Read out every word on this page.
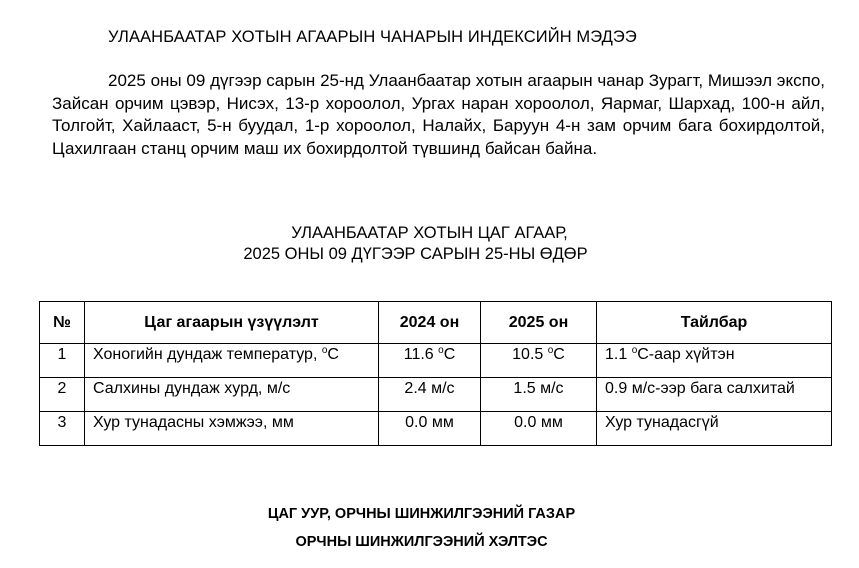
УЛААНБААТАР ХОТЫН АГААРЫН ЧАНАРЫН ИНДЕКСИЙН МЭДЭЭ

2025 оны 09 дүгээр сарын 25-нд Улаанбаатар хотын агаарын чанар Зурагт, Мишээл экспо, Зайсан орчим цэвэр, Нисэх, 13-р хороолол, Ургах наран хороолол, Яармаг, Шархад, 100-н айл, Толгойт, Хайлааст, 5-н буудал, 1-р хороолол, Налайх, Баруун 4-н зам орчим бага бохирдолтой, Цахилгаан станц орчим маш их бохирдолтой түвшинд байсан байна.

УЛААНБААТАР ХОТЫН ЦАГ АГААР,
2025 ОНЫ 09 ДҮГЭЭР САРЫН 25-НЫ ӨДӨР
№	Цаг агаарын үзүүлэлт	2024 он	2025 он	Тайлбар
1	Хоногийн дундаж температур, $^о$С	11.6 $^о$С	10.5 $^о$С	1.1 $^о$С-аар хүйтэн
2	Салхины дундаж хурд, м/с	2.4 м/с	1.5 м/с	0.9 м/с-ээр бага салхитай
3	Хур тунадасны хэмжээ, мм	0.0 мм	0.0 мм	Хур тунадасгүй
ЦАГ УУР, ОРЧНЫ ШИНЖИЛГЭЭНИЙ ГАЗАР
ОРЧНЫ ШИНЖИЛГЭЭНИЙ ХЭЛТЭС
